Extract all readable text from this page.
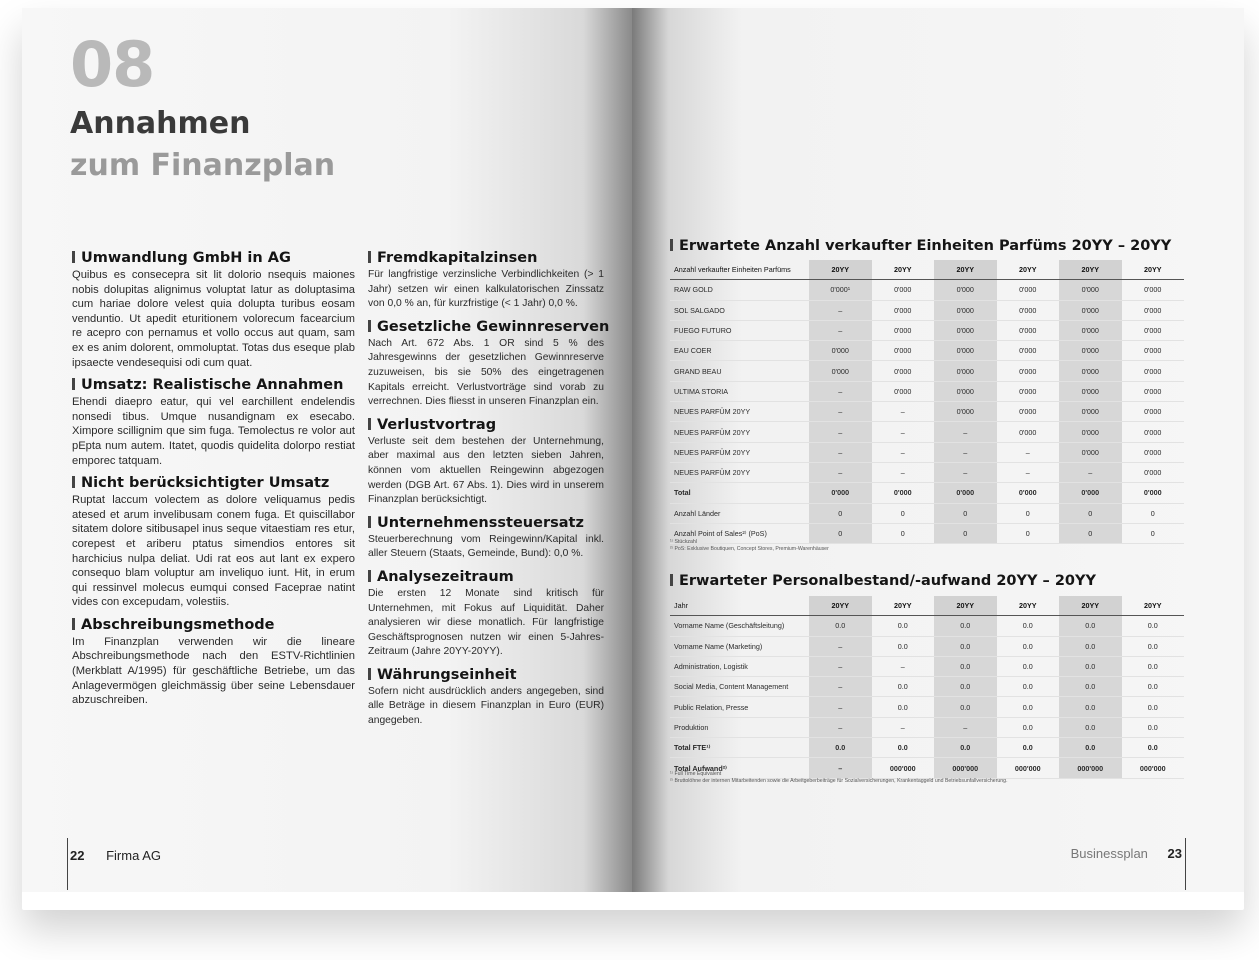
08
Annahmen
zum Finanzplan
Umwandlung GmbH in AG

Quibus es consecepra sit lit dolorio nsequis maiones nobis dolupitas alignimus voluptat latur as doluptasima cum hariae dolore velest quia dolupta turibus eosam venduntio. Ut apedit eturitionem volorecum facearcium re acepro con pernamus et vollo occus aut quam, sam ex es anim dolorent, ommoluptat. Totas dus eseque plab ipsaecte vendesequisi odi cum quat.

Umsatz: Realistische Annahmen

Ehendi diaepro eatur, qui vel earchillent endelendis nonsedi tibus. Umque nusandignam ex esecabo. Ximpore scillignim que sim fuga. Temolectus re volor aut pEpta num autem. Itatet, quodis quidelita dolorpo restiat emporec tatquam.

Nicht berücksichtigter Umsatz

Ruptat laccum volectem as dolore veliquamus pedis atesed et arum invelibusam conem fuga. Et quiscillabor sitatem dolore sitibusapel inus seque vitaestiam res etur, corepest et ariberu ptatus simendios entores sit harchicius nulpa deliat. Udi rat eos aut lant ex expero consequo blam voluptur am inveliquo iunt. Hit, in erum qui ressinvel molecus eumqui consed Faceprae natint vides con excepudam, volestiis.

Abschreibungsmethode

Im Finanzplan verwenden wir die lineare Abschreibungsmethode nach den ESTV-Richtlinien (Merkblatt A/1995) für geschäftliche Betriebe, um das Anlagevermögen gleichmässig über seine Lebensdauer abzuschreiben.

Fremdkapitalzinsen

Für langfristige verzinsliche Verbindlichkeiten (> 1 Jahr) setzen wir einen kalkulatorischen Zinssatz von 0,0 % an, für kurzfristige (< 1 Jahr) 0,0 %.

Gesetzliche Gewinnreserven

Nach Art. 672 Abs. 1 OR sind 5 % des Jahresgewinns der gesetzlichen Gewinnreserve zuzuweisen, bis sie 50% des eingetragenen Kapitals erreicht. Verlustvorträge sind vorab zu verrechnen. Dies fliesst in unseren Finanzplan ein.

Verlustvortrag

Verluste seit dem bestehen der Unternehmung, aber maximal aus den letzten sieben Jahren, können vom aktuellen Reingewinn abgezogen werden (DGB Art. 67 Abs. 1). Dies wird in unserem Finanzplan berücksichtigt.

Unternehmenssteuersatz

Steuerberechnung vom Reingewinn/Kapital inkl. aller Steuern (Staats, Gemeinde, Bund): 0,0 %.

Analysezeitraum

Die ersten 12 Monate sind kritisch für Unternehmen, mit Fokus auf Liquidität. Daher analysieren wir diese monatlich. Für langfristige Geschäftsprognosen nutzen wir einen 5-Jahres-Zeitraum (Jahre 20YY-20YY).

Währungseinheit

Sofern nicht ausdrücklich anders angegeben, sind alle Beträge in diesem Finanzplan in Euro (EUR) angegeben.

22 Firma AG
Erwartete Anzahl verkaufter Einheiten Parfüms 20YY – 20YY
Anzahl verkaufter Einheiten Parfüms	20YY	20YY	20YY	20YY	20YY	20YY
RAW GOLD	0'000¹	0'000	0'000	0'000	0'000	0'000
SOL SALGADO	–	0'000	0'000	0'000	0'000	0'000
FUEGO FUTURO	–	0'000	0'000	0'000	0'000	0'000
EAU COER	0'000	0'000	0'000	0'000	0'000	0'000
GRAND BEAU	0'000	0'000	0'000	0'000	0'000	0'000
ULTIMA STORIA	–	0'000	0'000	0'000	0'000	0'000
NEUES PARFÜM 20YY	–	–	0'000	0'000	0'000	0'000
NEUES PARFÜM 20YY	–	–	–	0'000	0'000	0'000
NEUES PARFÜM 20YY	–	–	–	–	0'000	0'000
NEUES PARFÜM 20YY	–	–	–	–	–	0'000
Total	0'000	0'000	0'000	0'000	0'000	0'000
Anzahl Länder	0	0	0	0	0	0
Anzahl Point of Sales²⁾ (PoS)	0	0	0	0	0	0
¹⁾ Stückzahl
²⁾ PoS: Exklusive Boutiquen, Concept Stores, Premium-Warenhäuser
Erwarteter Personalbestand/-aufwand 20YY – 20YY
Jahr	20YY	20YY	20YY	20YY	20YY	20YY
Vorname Name (Geschäftsleitung)	0.0	0.0	0.0	0.0	0.0	0.0
Vorname Name (Marketing)	–	0.0	0.0	0.0	0.0	0.0
Administration, Logistik	–	–	0.0	0.0	0.0	0.0
Social Media, Content Management	–	0.0	0.0	0.0	0.0	0.0
Public Relation, Presse	–	0.0	0.0	0.0	0.0	0.0
Produktion	–	–	–	0.0	0.0	0.0
Total FTE¹⁾	0.0	0.0	0.0	0.0	0.0	0.0
Total Aufwand²⁾	–	000'000	000'000	000'000	000'000	000'000
¹⁾ Full Time Equivalent
²⁾ Bruttolöhne der internen Mitarbeitenden sowie die Arbeitgeberbeiträge für Sozialversicherungen, Krankentaggeld und Betriebsunfallversicherung.
Businessplan 23
